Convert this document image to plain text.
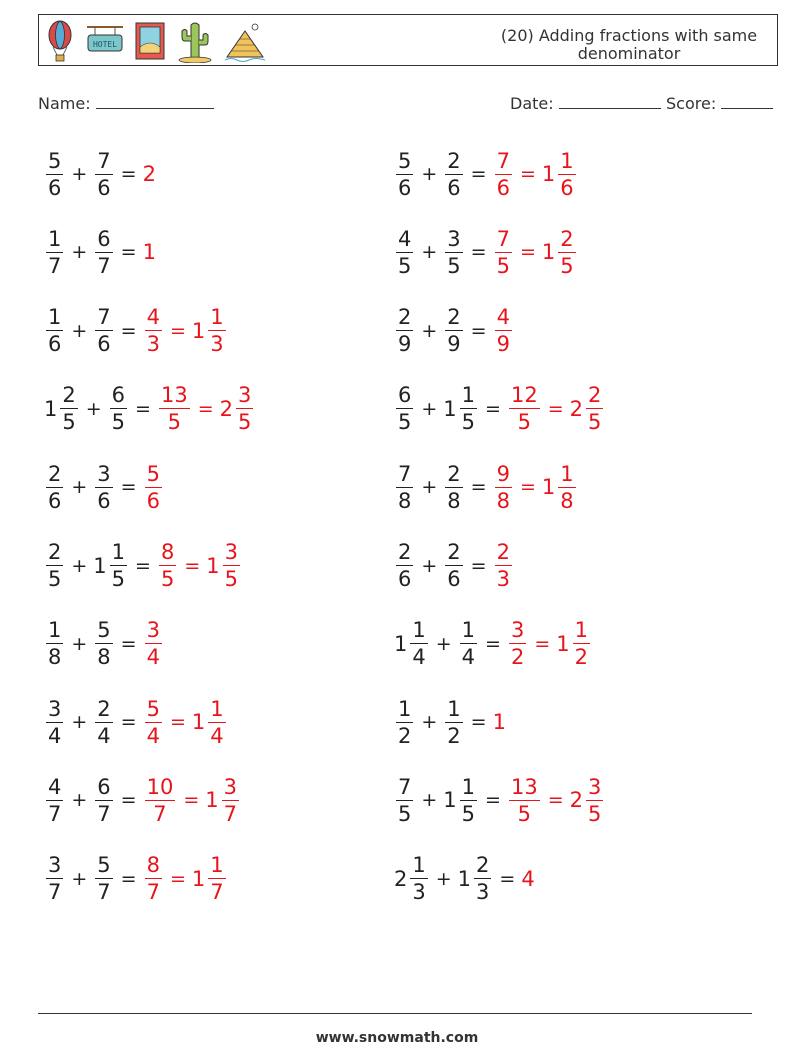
HOTEL	(20) Adding fractions with same
denominator
Name:	Date:	Score:
$\frac{5}{6} + \frac{7}{6} = 2$	$\frac{5}{6} + \frac{2}{6} = \frac{7}{6} = 1 \frac{1}{6}$
$\frac{1}{7} + \frac{6}{7} = 1$	$\frac{4}{5} + \frac{3}{5} = \frac{7}{5} = 1 \frac{2}{5}$
$\frac{1}{6} + \frac{7}{6} = \frac{4}{3} = 1 \frac{1}{3}$	$\frac{2}{9} + \frac{2}{9} = \frac{4}{9}$
$1 \frac{2}{5} + \frac{6}{5} = \frac{13}{5} = 2 \frac{3}{5}$	$\frac{6}{5} + 1 \frac{1}{5} = \frac{12}{5} = 2 \frac{2}{5}$
$\frac{2}{6} + \frac{3}{6} = \frac{5}{6}$	$\frac{7}{8} + \frac{2}{8} = \frac{9}{8} = 1 \frac{1}{8}$
$\frac{2}{5} + 1 \frac{1}{5} = \frac{8}{5} = 1 \frac{3}{5}$	$\frac{2}{6} + \frac{2}{6} = \frac{2}{3}$
$\frac{1}{8} + \frac{5}{8} = \frac{3}{4}$	$1 \frac{1}{4} + \frac{1}{4} = \frac{3}{2} = 1 \frac{1}{2}$
$\frac{3}{4} + \frac{2}{4} = \frac{5}{4} = 1 \frac{1}{4}$	$\frac{1}{2} + \frac{1}{2} = 1$
$\frac{4}{7} + \frac{6}{7} = \frac{10}{7} = 1 \frac{3}{7}$	$\frac{7}{5} + 1 \frac{1}{5} = \frac{13}{5} = 2 \frac{3}{5}$
$\frac{3}{7} + \frac{5}{7} = \frac{8}{7} = 1 \frac{1}{7}$	$2 \frac{1}{3} + 1 \frac{2}{3} = 4$
www.snowmath.com
